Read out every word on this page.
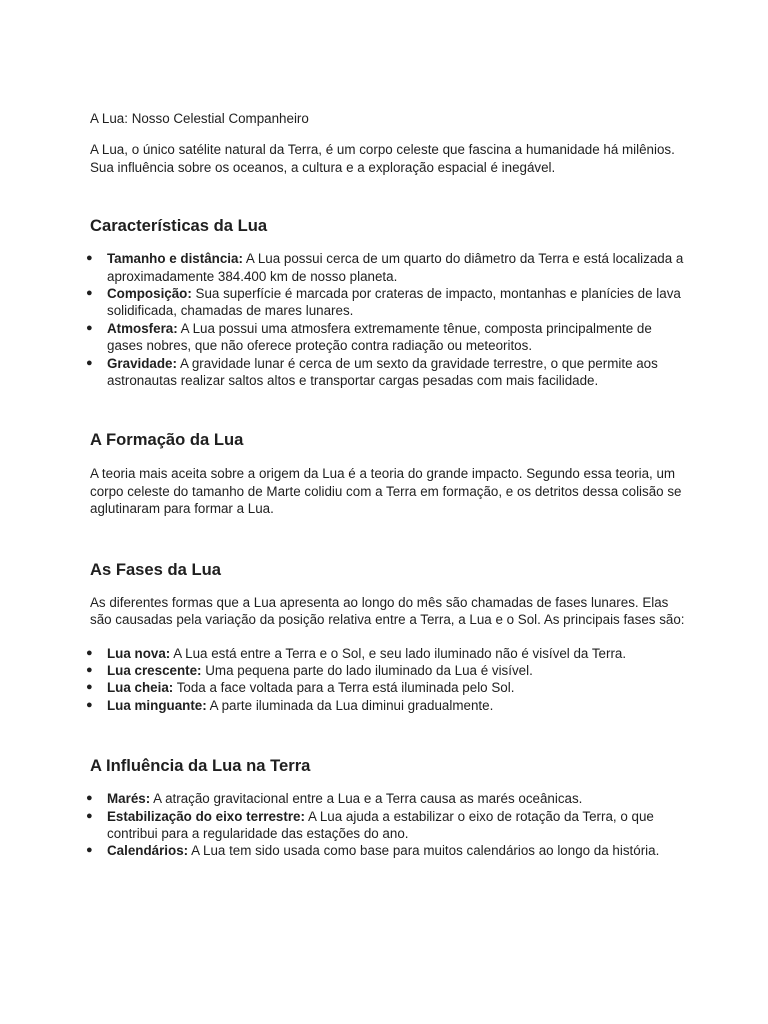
A Lua: Nosso Celestial Companheiro

A Lua, o único satélite natural da Terra, é um corpo celeste que fascina a humanidade há milênios. Sua influência sobre os oceanos, a cultura e a exploração espacial é inegável.

Características da Lua
● Tamanho e distância: A Lua possui cerca de um quarto do diâmetro da Terra e está localizada a aproximadamente 384.400 km de nosso planeta.
● Composição: Sua superfície é marcada por crateras de impacto, montanhas e planícies de lava solidificada, chamadas de mares lunares.
● Atmosfera: A Lua possui uma atmosfera extremamente tênue, composta principalmente de gases nobres, que não oferece proteção contra radiação ou meteoritos.
● Gravidade: A gravidade lunar é cerca de um sexto da gravidade terrestre, o que permite aos astronautas realizar saltos altos e transportar cargas pesadas com mais facilidade.
A Formação da Lua

A teoria mais aceita sobre a origem da Lua é a teoria do grande impacto. Segundo essa teoria, um corpo celeste do tamanho de Marte colidiu com a Terra em formação, e os detritos dessa colisão se aglutinaram para formar a Lua.

As Fases da Lua

As diferentes formas que a Lua apresenta ao longo do mês são chamadas de fases lunares. Elas são causadas pela variação da posição relativa entre a Terra, a Lua e o Sol. As principais fases são:

● Lua nova: A Lua está entre a Terra e o Sol, e seu lado iluminado não é visível da Terra.
● Lua crescente: Uma pequena parte do lado iluminado da Lua é visível.
● Lua cheia: Toda a face voltada para a Terra está iluminada pelo Sol.
● Lua minguante: A parte iluminada da Lua diminui gradualmente.
A Influência da Lua na Terra
● Marés: A atração gravitacional entre a Lua e a Terra causa as marés oceânicas.
● Estabilização do eixo terrestre: A Lua ajuda a estabilizar o eixo de rotação da Terra, o que contribui para a regularidade das estações do ano.
● Calendários: A Lua tem sido usada como base para muitos calendários ao longo da história.
